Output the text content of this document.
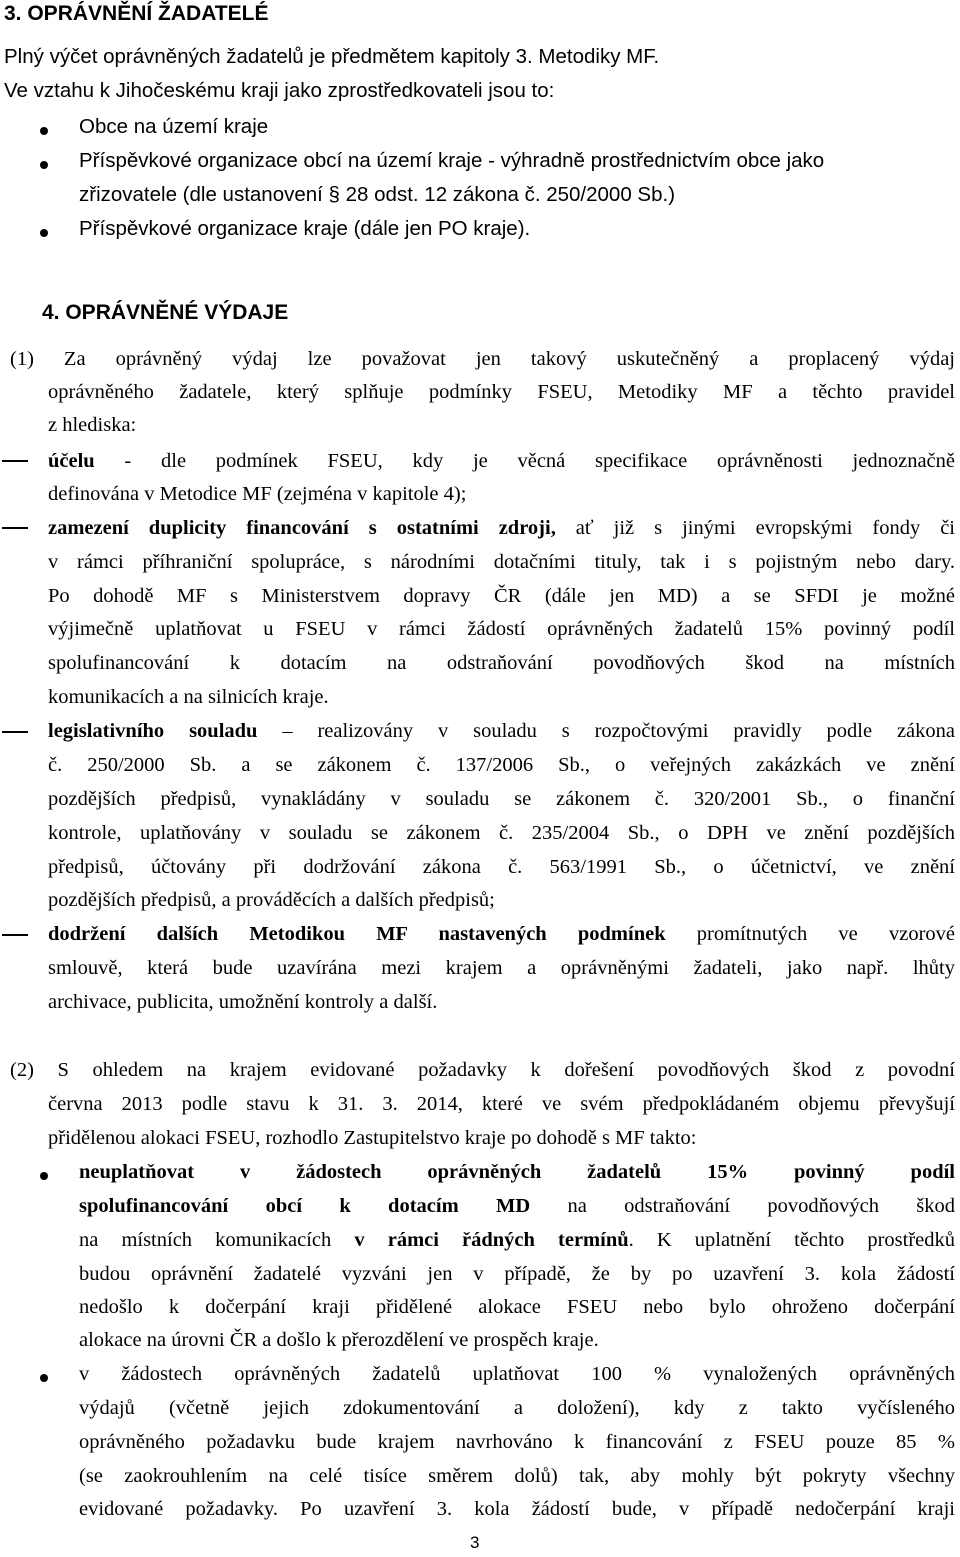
3. OPRÁVNĚNÍ ŽADATELÉ
Plný výčet oprávněných žadatelů je předmětem kapitoly 3. Metodiky MF.
Ve vztahu k Jihočeskému kraji jako zprostředkovateli jsou to:
Obce na území kraje
Příspěvkové organizace obcí na území kraje - výhradně prostřednictvím obce jako
zřizovatele (dle ustanovení § 28 odst. 12 zákona č. 250/2000 Sb.)
Příspěvkové organizace kraje (dále jen PO kraje).
4. OPRÁVNĚNÉ VÝDAJE
(1) Za oprávněný výdaj lze považovat jen takový uskutečněný a proplacený výdaj
oprávněného žadatele, který splňuje podmínky FSEU, Metodiky MF a těchto pravidel
z hlediska:
účelu - dle podmínek FSEU, kdy je věcná specifikace oprávněnosti jednoznačně
definována v Metodice MF (zejména v kapitole 4);
zamezení duplicity financování s ostatními zdroji, ať již s jinými evropskými fondy či
v rámci příhraniční spolupráce, s národními dotačními tituly, tak i s pojistným nebo dary.
Po dohodě MF s Ministerstvem dopravy ČR (dále jen MD) a se SFDI je možné
výjimečně uplatňovat u FSEU v rámci žádostí oprávněných žadatelů 15% povinný podíl
spolufinancování k dotacím na odstraňování povodňových škod na místních
komunikacích a na silnicích kraje.
legislativního souladu – realizovány v souladu s rozpočtovými pravidly podle zákona
č. 250/2000 Sb. a se zákonem č. 137/2006 Sb., o veřejných zakázkách ve znění
pozdějších předpisů, vynakládány v souladu se zákonem č. 320/2001 Sb., o finanční
kontrole, uplatňovány v souladu se zákonem č. 235/2004 Sb., o DPH ve znění pozdějších
předpisů, účtovány při dodržování zákona č. 563/1991 Sb., o účetnictví, ve znění
pozdějších předpisů, a prováděcích a dalších předpisů;
dodržení dalších Metodikou MF nastavených podmínek promítnutých ve vzorové
smlouvě, která bude uzavírána mezi krajem a oprávněnými žadateli, jako např. lhůty
archivace, publicita, umožnění kontroly a další.
(2) S ohledem na krajem evidované požadavky k dořešení povodňových škod z povodní
června 2013 podle stavu k 31. 3. 2014, které ve svém předpokládaném objemu převyšují
přidělenou alokaci FSEU, rozhodlo Zastupitelstvo kraje po dohodě s MF takto:
neuplatňovat v žádostech oprávněných žadatelů 15% povinný podíl
spolufinancování obcí k dotacím MD na odstraňování povodňových škod
na místních komunikacích v rámci řádných termínů. K uplatnění těchto prostředků
budou oprávnění žadatelé vyzváni jen v případě, že by po uzavření 3. kola žádostí
nedošlo k dočerpání kraji přidělené alokace FSEU nebo bylo ohroženo dočerpání
alokace na úrovni ČR a došlo k přerozdělení ve prospěch kraje.
v žádostech oprávněných žadatelů uplatňovat 100 % vynaložených oprávněných
výdajů (včetně jejich zdokumentování a doložení), kdy z takto vyčísleného
oprávněného požadavku bude krajem navrhováno k financování z FSEU pouze 85 %
(se zaokrouhlením na celé tisíce směrem dolů) tak, aby mohly být pokryty všechny
evidované požadavky. Po uzavření 3. kola žádostí bude, v případě nedočerpání kraji
3
